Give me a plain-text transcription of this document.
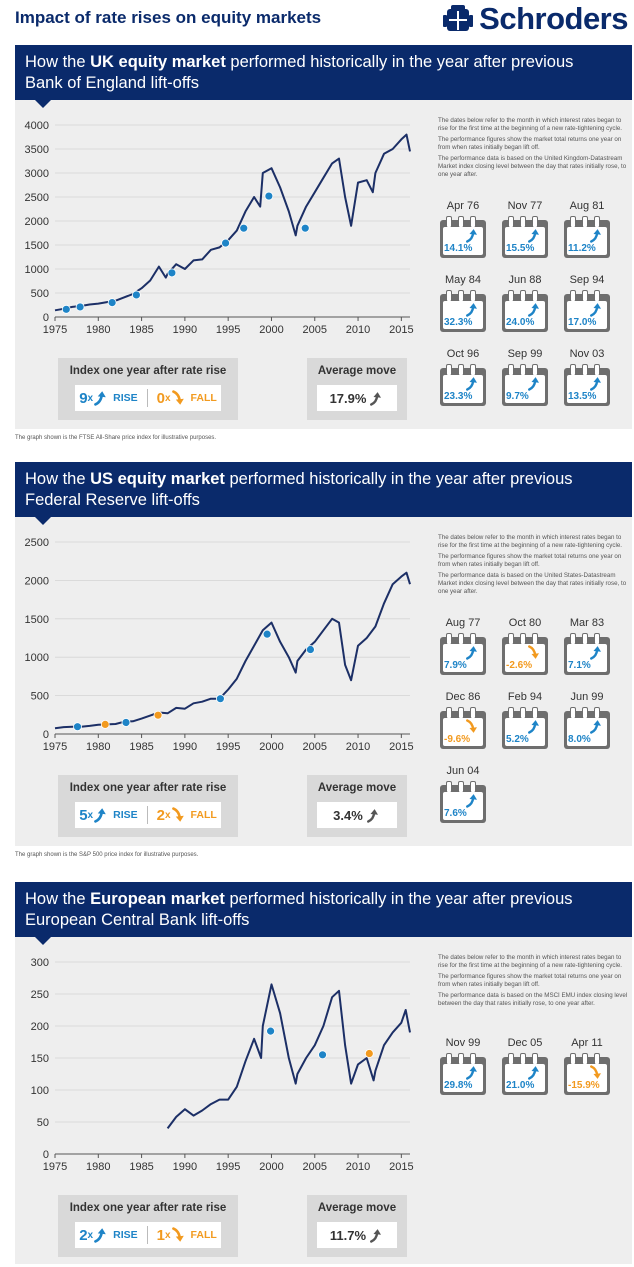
Impact of rate rises on equity markets	Schroders
How the UK equity market performed historically in the year after previous
Bank of England lift-offs
0
500
1000
1500
2000
2500
3000
3500
4000
1975 1980 1985 1990 1995 2000 2005 2010 2015

The dates below refer to the month in which interest rates began to rise for the first time at the beginning of a new rate-tightening cycle.

The performance figures show the market total returns one year on from when rates initially began lift off.

The performance data is based on the United Kingdom-Datastream Market index closing level between the day that rates initially rose, to one year after.

Apr 76
14.1%
Nov 77
15.5%
Aug 81
11.2%
May 84
32.3%
Jun 88
24.0%
Sep 94
17.0%
Oct 96
23.3%
Sep 99
9.7%
Nov 03
13.5%
Index one year after rate rise
9 x RISE 0 x FALL
Average move
17.9%
The graph shown is the FTSE All-Share price index for illustrative purposes.
How the US equity market performed historically in the year after previous
Federal Reserve lift-offs
0
500
1000
1500
2000
2500
1975 1980 1985 1990 1995 2000 2005 2010 2015

The dates below refer to the month in which interest rates began to rise for the first time at the beginning of a new rate-tightening cycle.

The performance figures show the market total returns one year on from when rates initially began lift off.

The performance data is based on the United States-Datastream Market index closing level between the day that rates initially rose, to one year after.

Aug 77
7.9%
Oct 80
-2.6%
Mar 83
7.1%
Dec 86
-9.6%
Feb 94
5.2%
Jun 99
8.0%
Jun 04
7.6%
Index one year after rate rise
5 x RISE 2 x FALL
Average move
3.4%
The graph shown is the S&P 500 price index for illustrative purposes.
How the European market performed historically in the year after previous
European Central Bank lift-offs
0
50
100
150
200
250
300
1975 1980 1985 1990 1995 2000 2005 2010 2015

The dates below refer to the month in which interest rates began to rise for the first time at the beginning of a new rate-tightening cycle.

The performance figures show the market total returns one year on from when rates initially began lift off.

The performance data is based on the MSCI EMU index closing level between the day that rates initially rose, to one year after.

Nov 99
29.8%
Dec 05
21.0%
Apr 11
-15.9%
Index one year after rate rise
2 x RISE 1 x FALL
Average move
11.7%
